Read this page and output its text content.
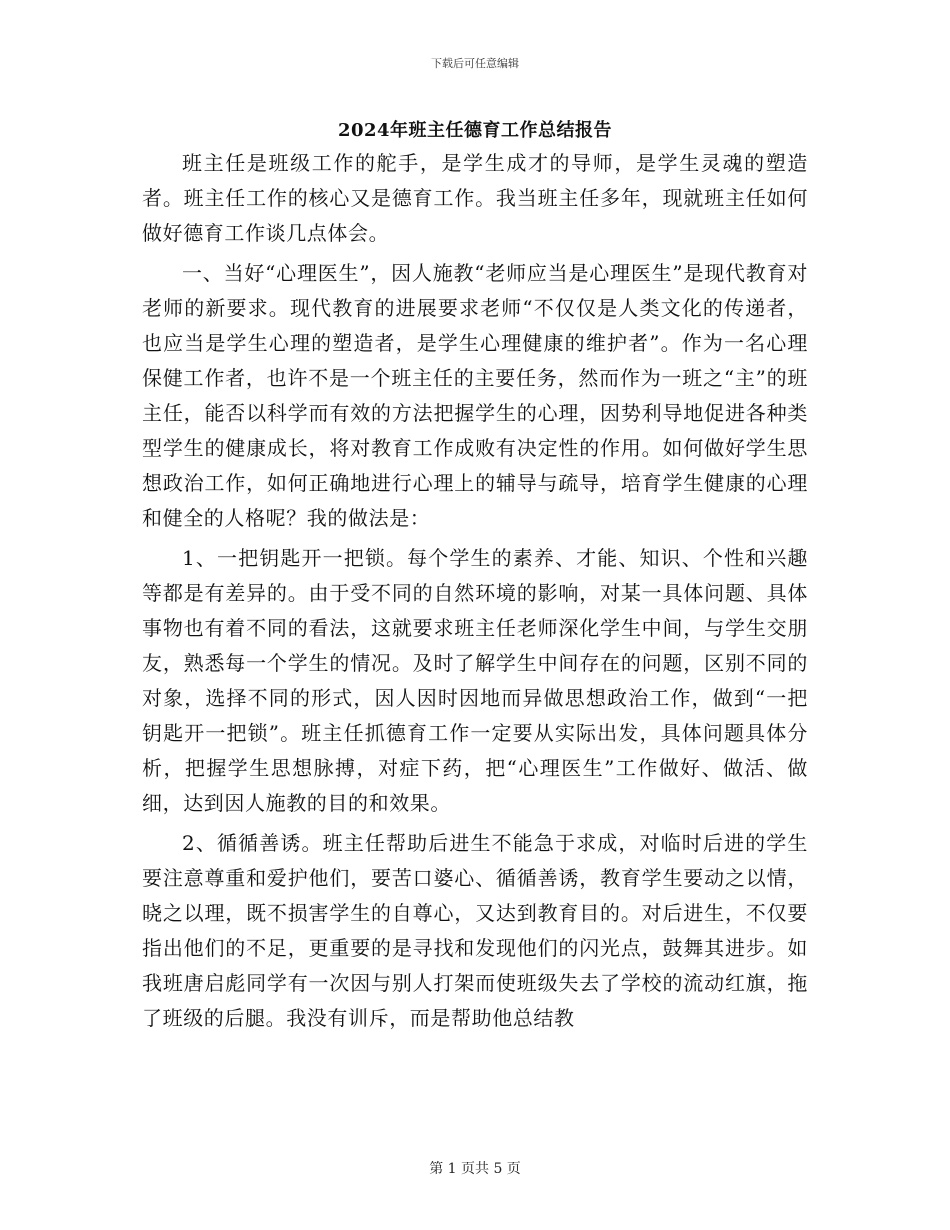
下载后可任意编辑
2024年班主任德育工作总结报告

班主任是班级工作的舵手，是学生成才的导师，是学生灵魂的塑造者。班主任工作的核心又是德育工作。我当班主任多年，现就班主任如何做好德育工作谈几点体会。

一、当好“心理医生”，因人施教“老师应当是心理医生”是现代教育对老师的新要求。现代教育的进展要求老师“不仅仅是人类文化的传递者，也应当是学生心理的塑造者，是学生心理健康的维护者”。作为一名心理保健工作者，也许不是一个班主任的主要任务，然而作为一班之“主”的班主任，能否以科学而有效的方法把握学生的心理，因势利导地促进各种类型学生的健康成长，将对教育工作成败有决定性的作用。如何做好学生思想政治工作，如何正确地进行心理上的辅导与疏导，培育学生健康的心理和健全的人格呢？我的做法是：

1、一把钥匙开一把锁。每个学生的素养、才能、知识、个性和兴趣等都是有差异的。由于受不同的自然环境的影响，对某一具体问题、具体事物也有着不同的看法，这就要求班主任老师深化学生中间，与学生交朋友，熟悉每一个学生的情况。及时了解学生中间存在的问题，区别不同的对象，选择不同的形式，因人因时因地而异做思想政治工作，做到“一把钥匙开一把锁”。班主任抓德育工作一定要从实际出发，具体问题具体分析，把握学生思想脉搏，对症下药，把“心理医生”工作做好、做活、做细，达到因人施教的目的和效果。

2、循循善诱。班主任帮助后进生不能急于求成，对临时后进的学生要注意尊重和爱护他们，要苦口婆心、循循善诱，教育学生要动之以情，晓之以理，既不损害学生的自尊心，又达到教育目的。对后进生，不仅要指出他们的不足，更重要的是寻找和发现他们的闪光点，鼓舞其进步。如我班唐启彪同学有一次因与别人打架而使班级失去了学校的流动红旗，拖了班级的后腿。我没有训斥，而是帮助他总结教

第 1 页共 5 页
